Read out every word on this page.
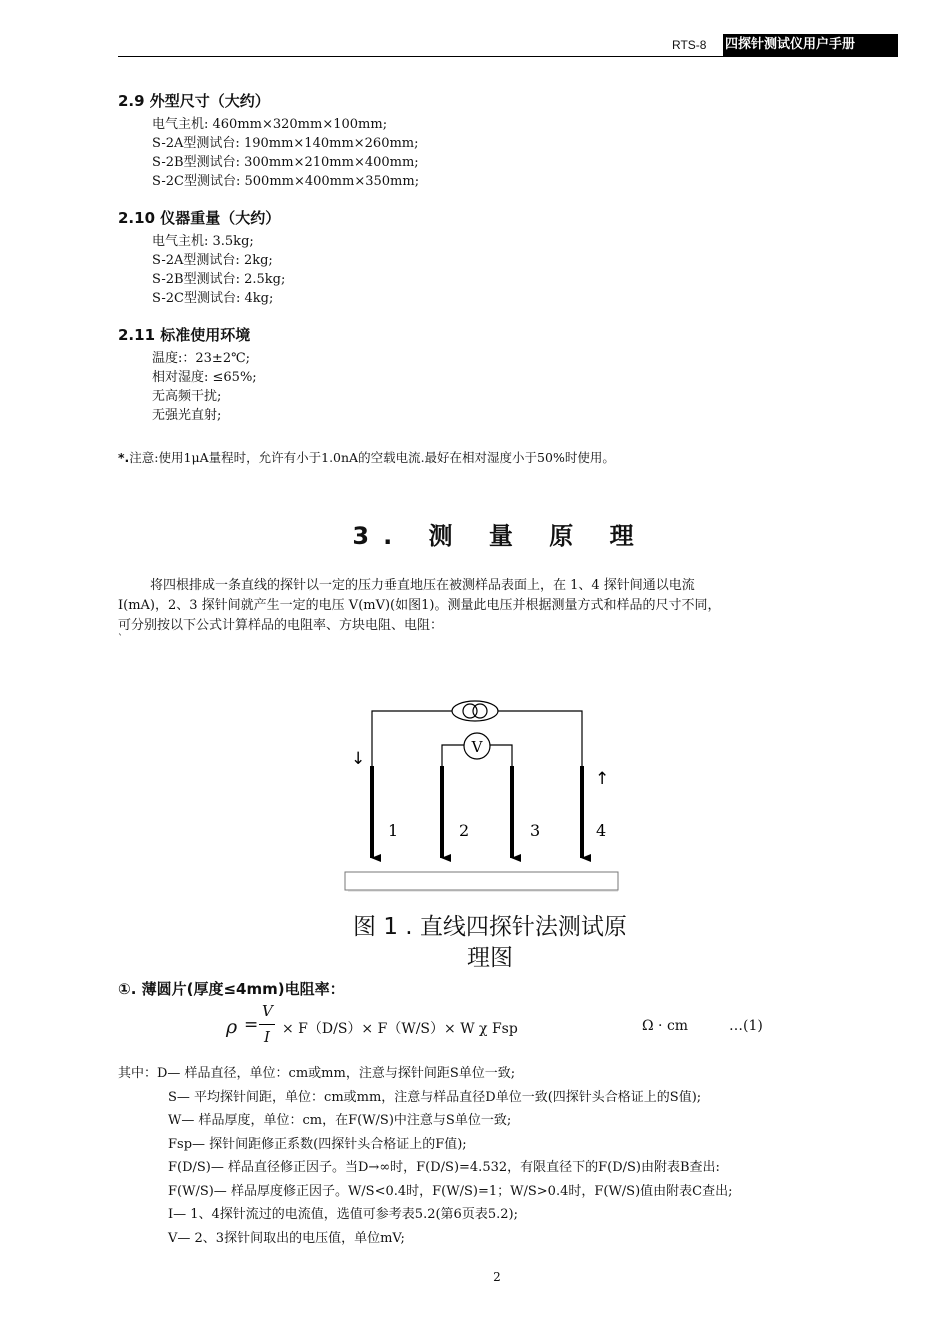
RTS-8 四探针测试仪用户手册
2.9 外型尺寸（大约）
电气主机: 460mm×320mm×100mm;
S-2A型测试台: 190mm×140mm×260mm;
S-2B型测试台: 300mm×210mm×400mm;
S-2C型测试台: 500mm×400mm×350mm;
2.10 仪器重量（大约）
电气主机: 3.5kg;
S-2A型测试台: 2kg;
S-2B型测试台: 2.5kg;
S-2C型测试台: 4kg;
2.11 标准使用环境
温度:：23±2℃;
相对湿度: ≤65%;
无高频干扰;
无强光直射;
*.注意:使用1μA量程时，允许有小于1.0nA的空载电流.最好在相对湿度小于50%时使用。
3. 测 量 原 理

将四根排成一条直线的探针以一定的压力垂直地压在被测样品表面上，在 1、4 探针间通以电流

I(mA)，2、3 探针间就产生一定的电压 V(mV)(如图1)。测量此电压并根据测量方式和样品的尺寸不同，

可分别按以下公式计算样品的电阻率、方块电阻、电阻：

`

V
↓
↑
1	2	3	4
图 1 . 直线四探针法测试原
理图
①. 薄圆片(厚度≤4mm)电阻率：
ρ =
V
I × F（D/S）× F（W/S）× W χ Fsp	Ω · cm	…(1)
其中：D— 样品直径，单位：cm或mm，注意与探针间距S单位一致;
S— 平均探针间距，单位：cm或mm，注意与样品直径D单位一致(四探针头合格证上的S值);
W— 样品厚度，单位：cm，在F(W/S)中注意与S单位一致;
Fsp— 探针间距修正系数(四探针头合格证上的F值);
F(D/S)— 样品直径修正因子。当D→∞时，F(D/S)=4.532，有限直径下的F(D/S)由附表B查出:
F(W/S)— 样品厚度修正因子。W/S<0.4时，F(W/S)=1；W/S>0.4时，F(W/S)值由附表C查出;
I— 1、4探针流过的电流值，选值可参考表5.2(第6页表5.2);
V— 2、3探针间取出的电压值，单位mV;
2
